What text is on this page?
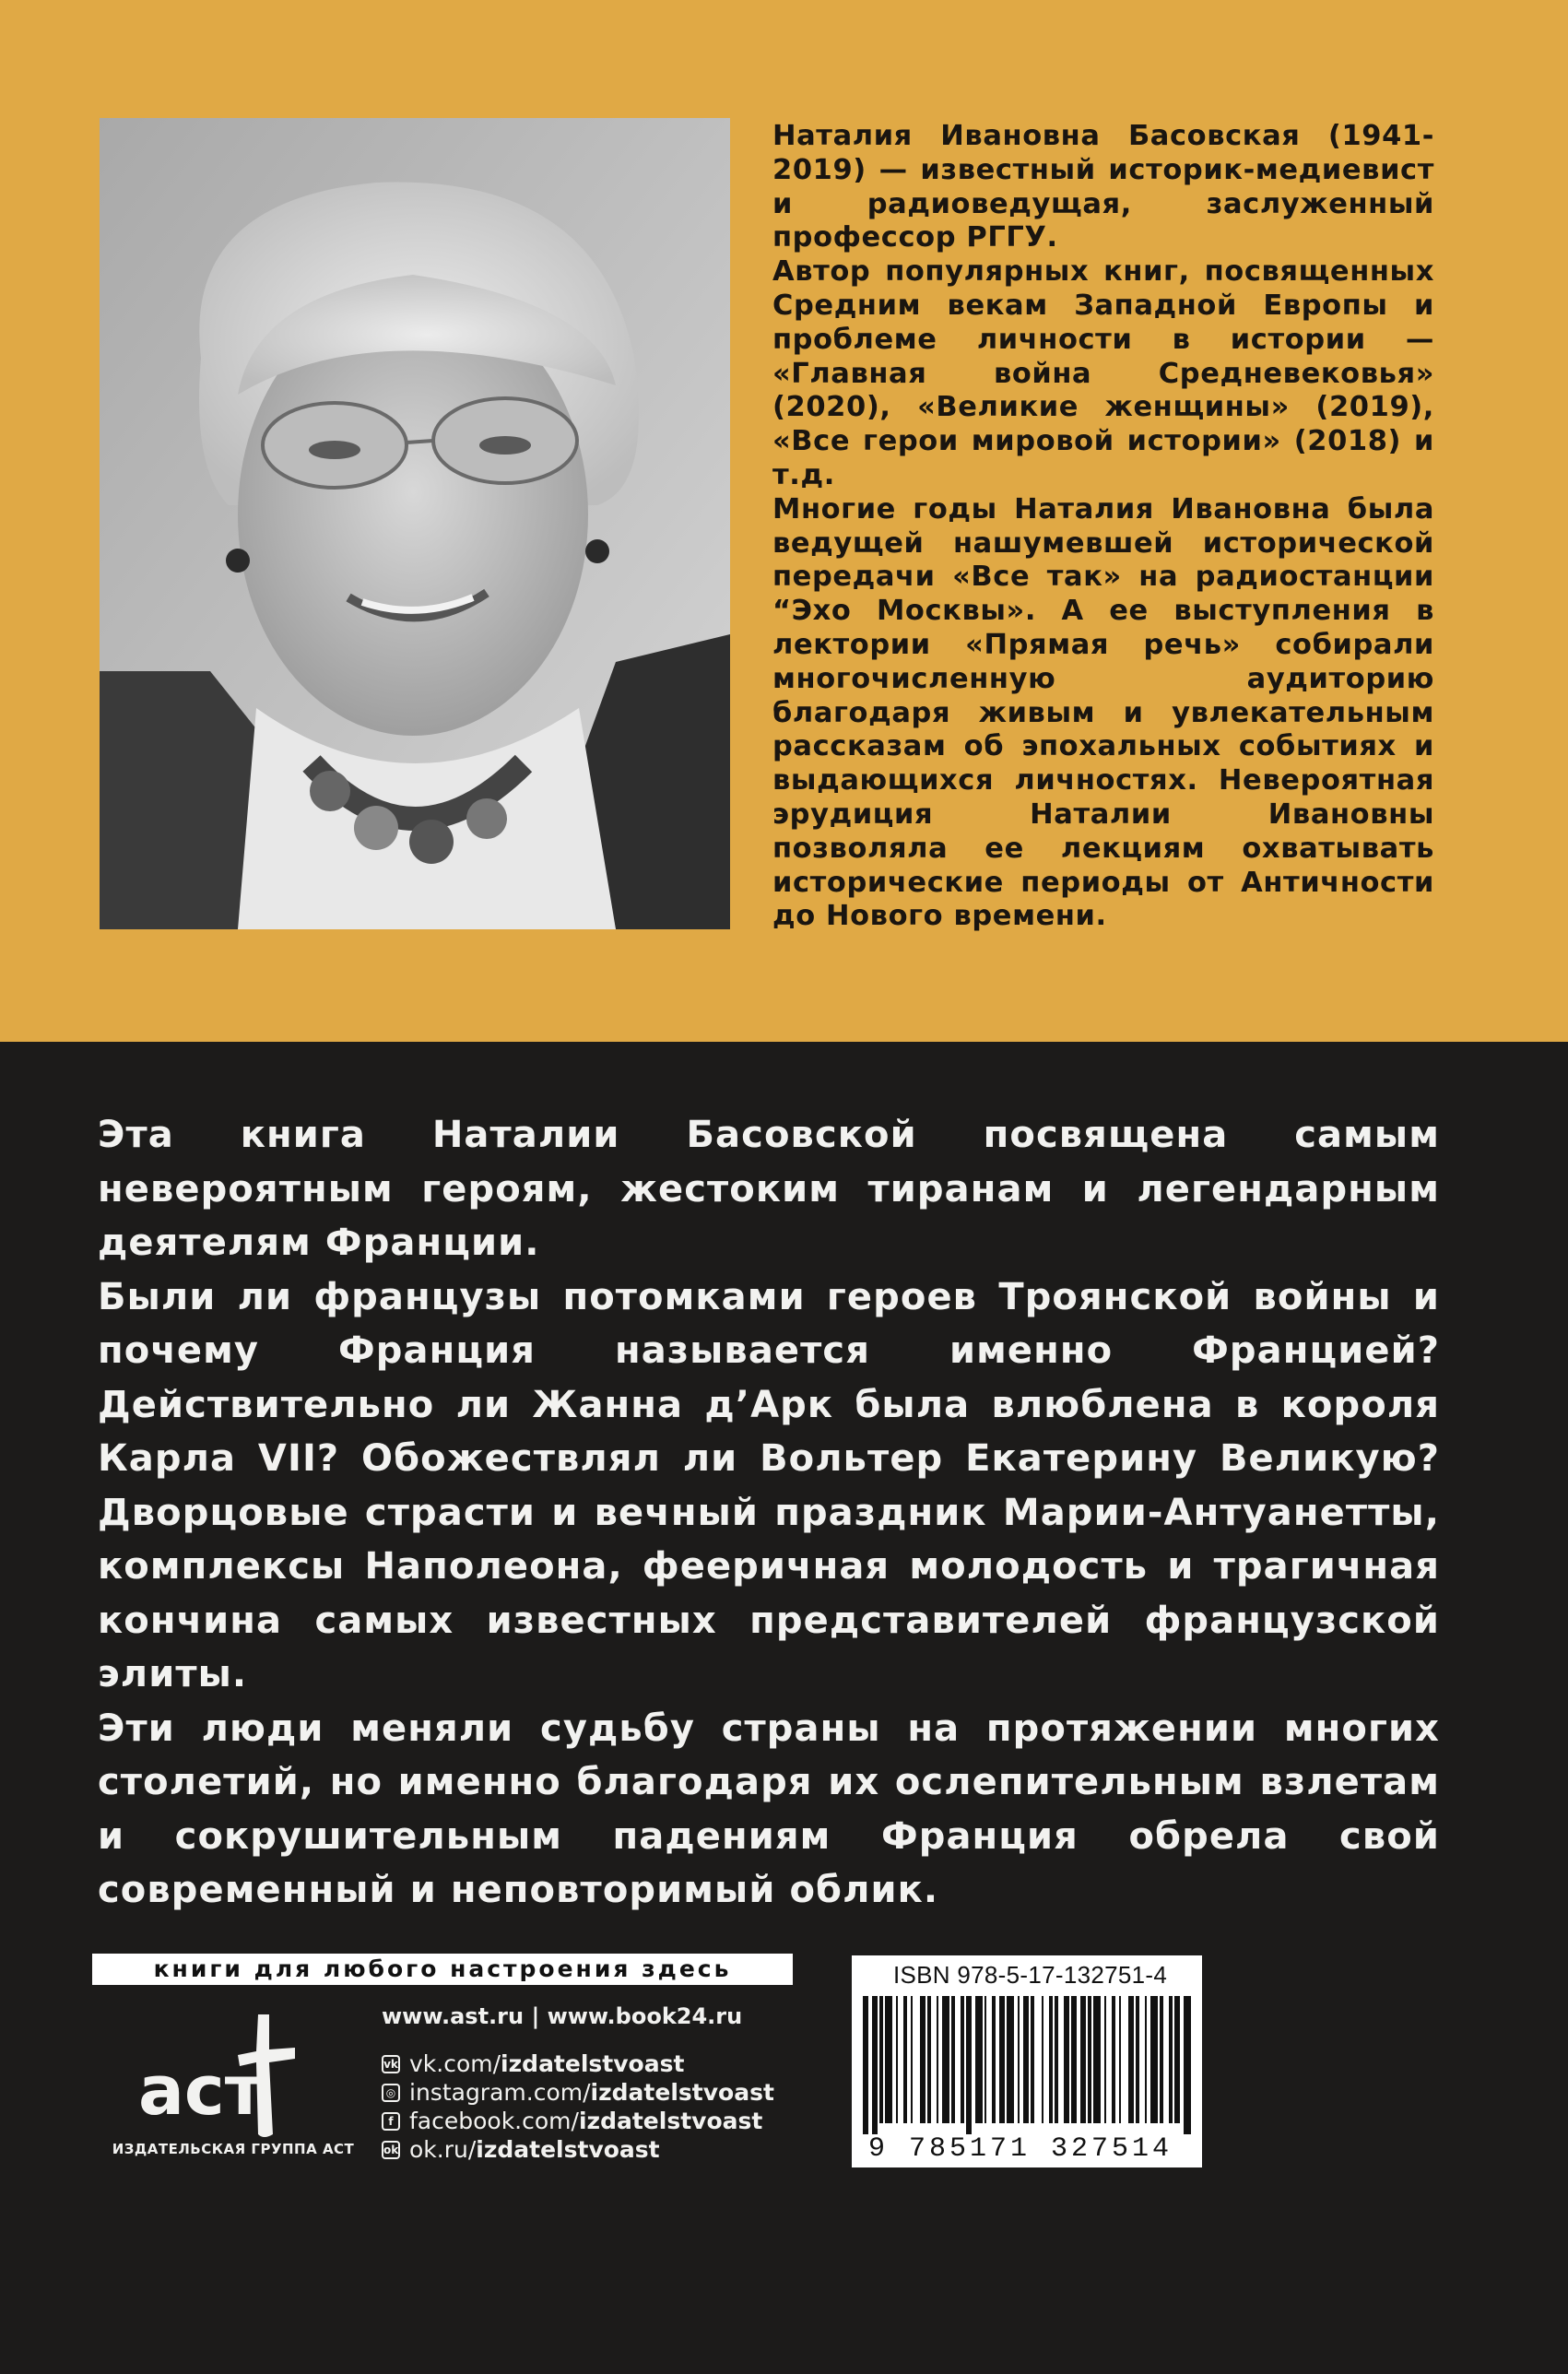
Наталия Ивановна Басовская (1941-2019) — известный историк-медиевист и радиоведущая, заслуженный профессор РГГУ.

Автор популярных книг, посвященных Средним векам Западной Европы и проблеме личности в истории — «Главная война Средневековья» (2020), «Великие женщины» (2019), «Все герои мировой истории» (2018) и т.д.

Многие годы Наталия Ивановна была ведущей нашумевшей исторической передачи «Все так» на радиостанции “Эхо Москвы». А ее выступления в лектории «Прямая речь» собирали многочисленную аудиторию благодаря живым и увлекательным рассказам об эпохальных событиях и выдающихся личностях. Невероятная эрудиция Наталии Ивановны позволяла ее лекциям охватывать исторические периоды от Античности до Нового времени.

Эта книга Наталии Басовской посвящена самым невероятным героям, жестоким тиранам и легендарным деятелям Франции.

Были ли французы потомками героев Троянской войны и почему Франция называется именно Францией? Действительно ли Жанна д’Арк была влюблена в короля Карла VII? Обожествлял ли Вольтер Екатерину Великую? Дворцовые страсти и вечный праздник Марии-Антуанетты, комплексы Наполеона, фееричная молодость и трагичная кончина самых известных представителей французской элиты.

Эти люди меняли судьбу страны на протяжении многих столетий, но именно благодаря их ослепительным взлетам и сокрушительным падениям Франция обрела свой современный и неповторимый облик.

книги для любого настроения здесь
аст
ИЗДАТЕЛЬСКАЯ ГРУППА АСТ
www.ast.ru | www.book24.ru
vk vk.com/ izdatelstvoast
◎ instagram.com/ izdatelstvoast
f facebook.com/ izdatelstvoast
ok ok.ru/ izdatelstvoast
ISBN 978-5-17-132751-4
9 785171 327514
